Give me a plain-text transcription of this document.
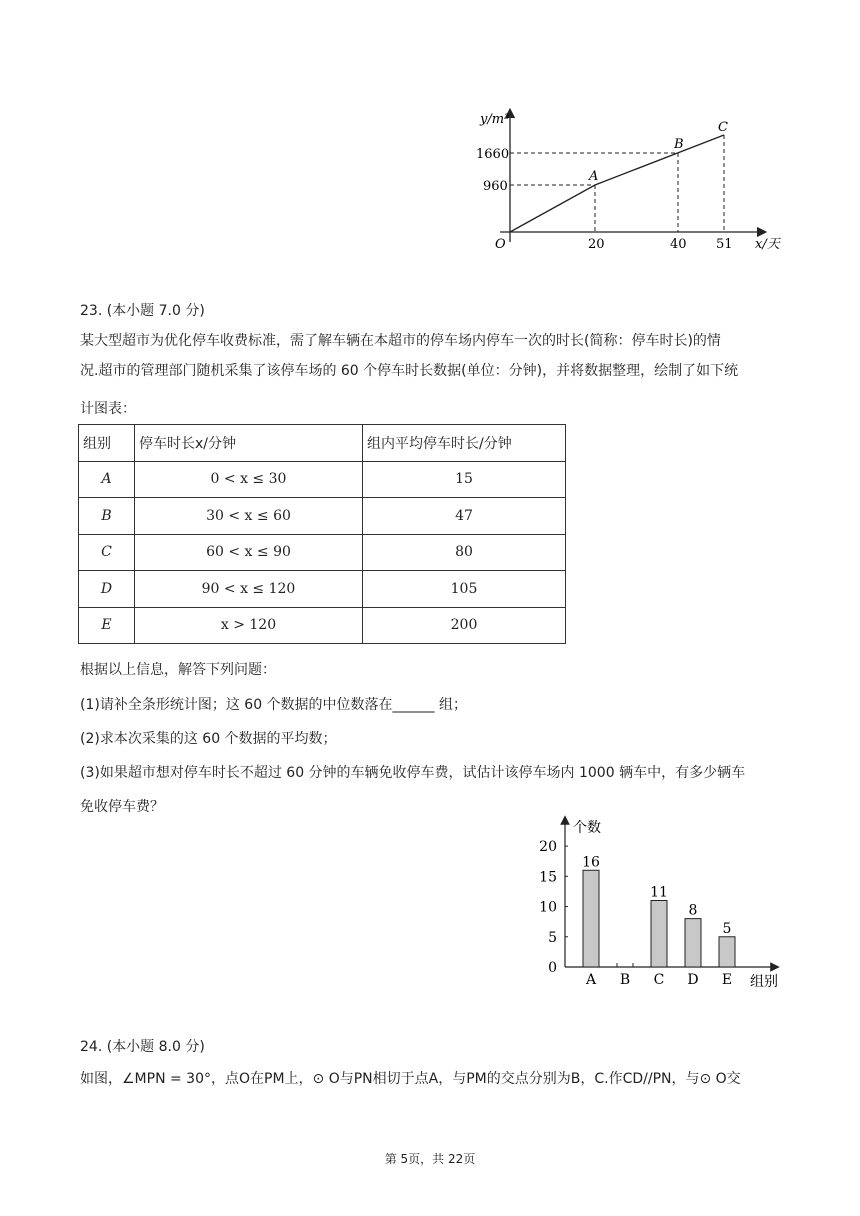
y/m³
x/天
O
1660
960
20	40 51
A
B
C
23. (本小题 7.0 分)
某大型超市为优化停车收费标准，需了解车辆在本超市的停车场内停车一次的时长(简称：停车时长)的情
况.超市的管理部门随机采集了该停车场的 60 个停车时长数据(单位：分钟)，并将数据整理，绘制了如下统
计图表：
组别	停车时长x/分钟	组内平均停车时长/分钟
A	0 < x ≤ 30	15
B	30 < x ≤ 60	47
C	60 < x ≤ 90	80
D	90 < x ≤ 120	105
E	x > 120	200
根据以上信息，解答下列问题：
(1)请补全条形统计图；这 60 个数据的中位数落在______ 组；
(2)求本次采集的这 60 个数据的平均数；
(3)如果超市想对停车时长不超过 60 分钟的车辆免收停车费，试估计该停车场内 1000 辆车中，有多少辆车
免收停车费？
个数
组别
0
5
10
15
20
A
16
B C
11
D
8
E
5
24. (本小题 8.0 分)
如图，∠MPN = 30°，点O在PM上，⊙ O与PN相切于点A，与PM的交点分别为B，C.作CD//PN，与⊙ O交
第 5页，共 22页
